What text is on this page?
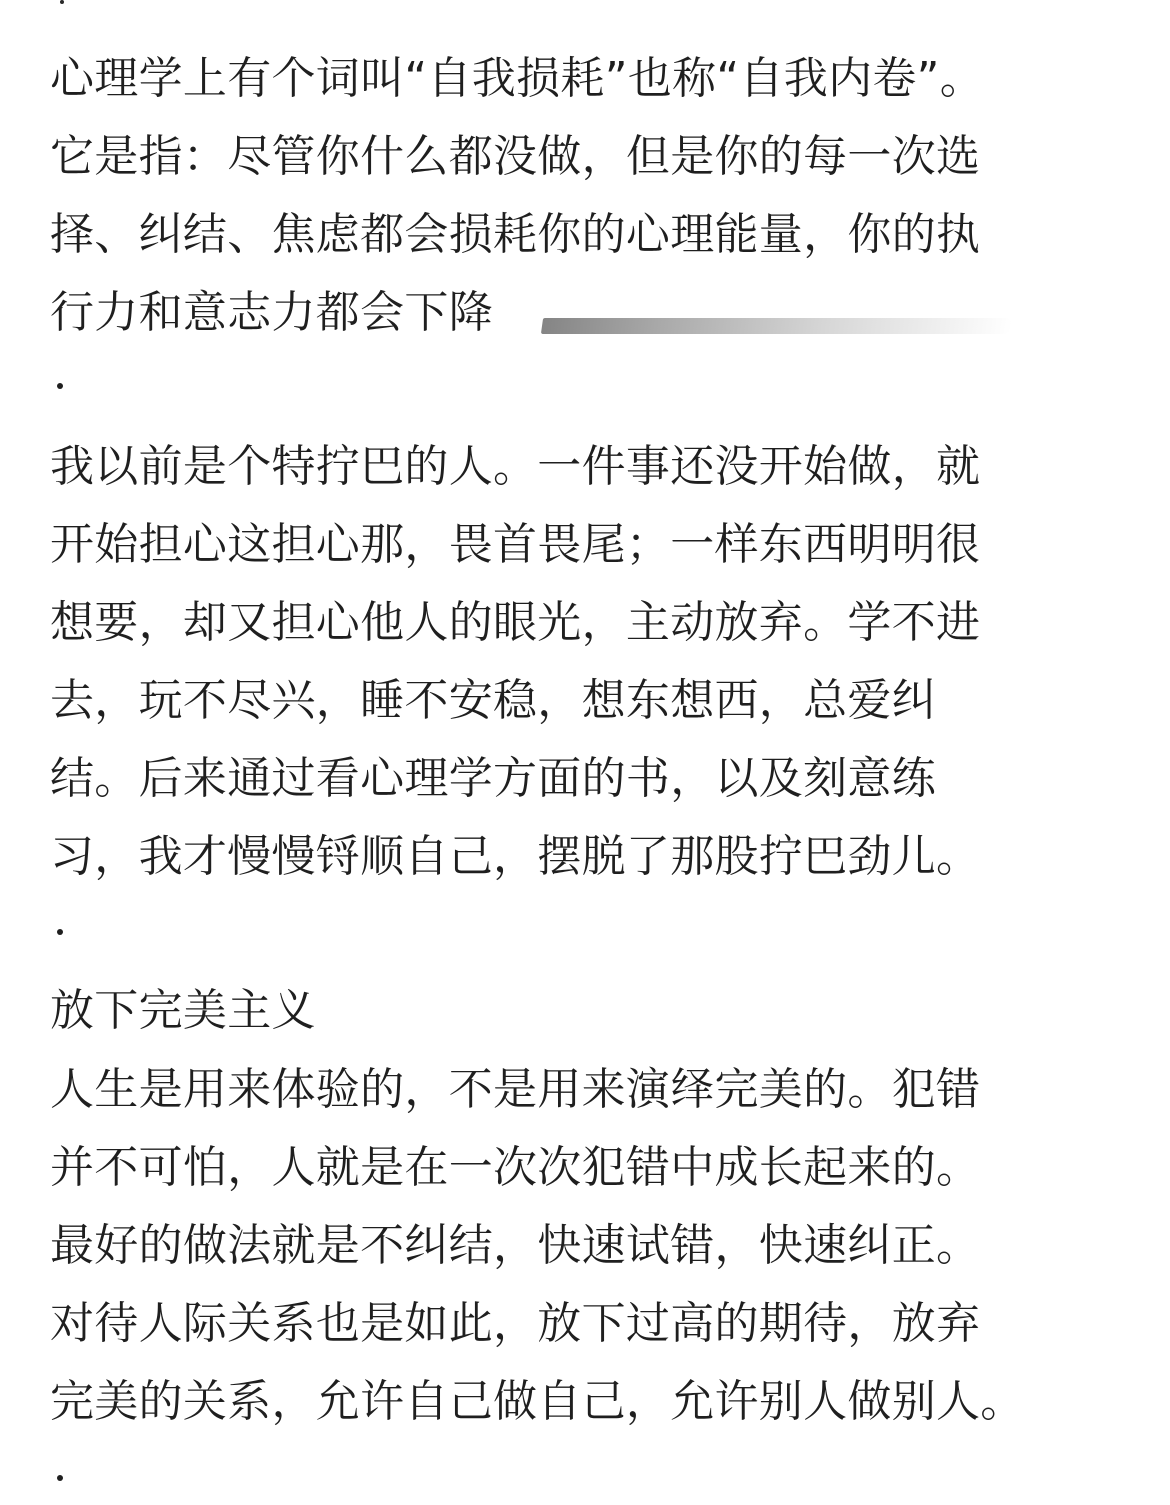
心理学上有个词叫“自我损耗”也称“自我内卷”。
它是指：尽管你什么都没做，但是你的每一次选
择、纠结、焦虑都会损耗你的心理能量，你的执
行力和意志力都会下降
我以前是个特拧巴的人。一件事还没开始做，就
开始担心这担心那，畏首畏尾；一样东西明明很
想要，却又担心他人的眼光，主动放弃。学不进
去，玩不尽兴，睡不安稳，想东想西，总爱纠
结。后来通过看心理学方面的书，以及刻意练
习，我才慢慢锊顺自己，摆脱了那股拧巴劲儿。
放下完美主义
人生是用来体验的，不是用来演绎完美的。犯错
并不可怕，人就是在一次次犯错中成长起来的。
最好的做法就是不纠结，快速试错，快速纠正。
对待人际关系也是如此，放下过高的期待，放弃
完美的关系，允许自己做自己，允许别人做别人。
